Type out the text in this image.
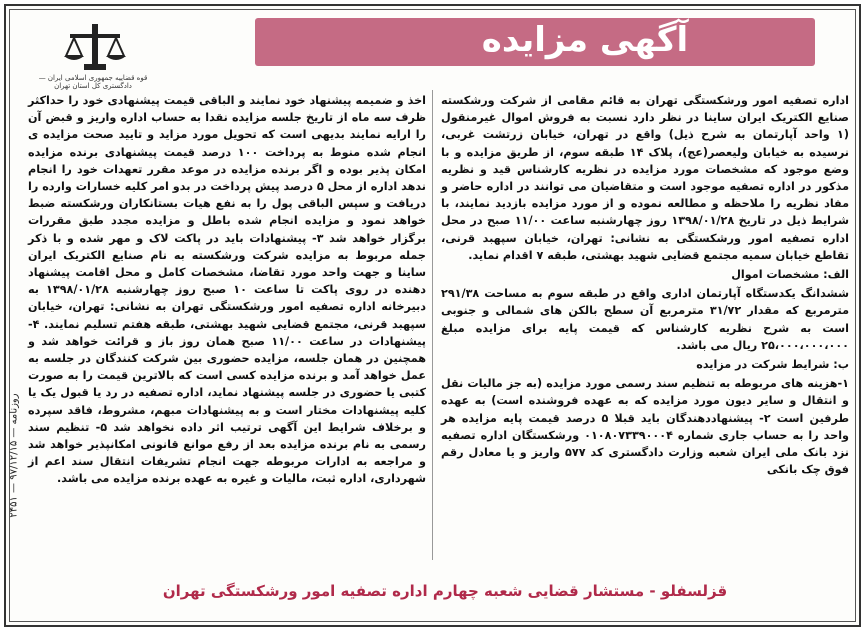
آگهی مزایده
قوه قضاییه جمهوری اسلامی ایران — دادگستری کل استان تهران

اداره تصفیه امور ورشکستگی تهران به قائم مقامی از شرکت ورشکسته صنایع الکتریک ایران ساینا در نظر دارد نسبت به فروش اموال غیرمنقول (۱ واحد آپارتمان به شرح ذیل) واقع در تهران، خیابان زرتشت غربی، نرسیده به خیابان ولیعصر(عج)، پلاک ۱۴ طبقه سوم، از طریق مزایده و با وضع موجود که مشخصات مورد مزایده در نظریه کارشناس قید و نظریه مذکور در اداره تصفیه موجود است و متقاضیان می توانند در اداره حاضر و مفاد نظریه را ملاحظه و مطالعه نموده و از مورد مزایده بازدید نمایند، با شرایط ذیل در تاریخ ۱۳۹۸/۰۱/۲۸ روز چهارشنبه ساعت ۱۱/۰۰ صبح در محل اداره تصفیه امور ورشکستگی به نشانی: تهران، خیابان سپهبد قرنی، تقاطع خیابان سمیه مجتمع قضایی شهید بهشتی، طبقه ۷ اقدام نماید.

الف: مشخصات اموال

ششدانگ یکدستگاه آپارتمان اداری واقع در طبقه سوم به مساحت ۲۹۱/۳۸ مترمربع که مقدار ۳۱/۷۲ مترمربع آن سطح بالکن های شمالی و جنوبی است به شرح نظریه کارشناس که قیمت پایه برای مزایده مبلغ ۲۵،۰۰۰،۰۰۰،۰۰۰ ریال می باشد.

ب: شرایط شرکت در مزایده

۱-هزینه های مربوطه به تنظیم سند رسمی مورد مزایده (به جز مالیات نقل و انتقال و سایر دیون مورد مزایده که به عهده فروشنده است) به عهده طرفین است ۲- پیشنهاددهندگان باید قبلا ۵ درصد قیمت پایه مزایده هر واحد را به حساب جاری شماره ۰۱۰۸۰۷۳۳۹۰۰۰۴ ورشکستگان اداره تصفیه نزد بانک ملی ایران شعبه وزارت دادگستری کد ۵۷۷ واریز و یا معادل رقم فوق چک بانکی

اخذ و ضمیمه پیشنهاد خود نمایند و الباقی قیمت پیشنهادی خود را حداکثر ظرف سه ماه از تاریخ جلسه مزایده نقدا به حساب اداره واریز و قبض آن را ارایه نمایند بدیهی است که تحویل مورد مزاید و تایید صحت مزایده ی انجام شده منوط به پرداخت ۱۰۰ درصد قیمت پیشنهادی برنده مزایده امکان پذیر بوده و اگر برنده مزایده در موعد مقرر تعهدات خود را انجام ندهد اداره از محل ۵ درصد پیش پرداخت در بدو امر کلیه خسارات وارده را دریافت و سپس الباقی پول را به نفع هیات بستانکاران ورشکسته ضبط خواهد نمود و مزایده انجام شده باطل و مزایده مجدد طبق مقررات برگزار خواهد شد ۳- پیشنهادات باید در پاکت لاک و مهر شده و با ذکر جمله مربوط به مزایده شرکت ورشکسته به نام صنایع الکتریک ایران ساینا و جهت واحد مورد تقاضا، مشخصات کامل و محل اقامت پیشنهاد دهنده در روی پاکت تا ساعت ۱۰ صبح روز چهارشنبه ۱۳۹۸/۰۱/۲۸ به دبیرخانه اداره تصفیه امور ورشکستگی تهران به نشانی: تهران، خیابان سپهبد قرنی، مجتمع قضایی شهید بهشتی، طبقه هفتم تسلیم نمایند. ۴- پیشنهادات در ساعت ۱۱/۰۰ صبح همان روز باز و قرائت خواهد شد و همچنین در همان جلسه، مزایده حضوری بین شرکت کنندگان در جلسه به عمل خواهد آمد و برنده مزایده کسی است که بالاترین قیمت را به صورت کتبی یا حضوری در جلسه پیشنهاد نماید، اداره تصفیه در رد یا قبول یک یا کلیه پیشنهادات مختار است و به پیشنهادات مبهم، مشروط، فاقد سپرده و برخلاف شرایط این آگهی ترتیب اثر داده نخواهد شد ۵- تنظیم سند رسمی به نام برنده مزایده بعد از رفع موانع قانونی امکانپذیر خواهد شد و مراجعه به ادارات مربوطه جهت انجام تشریفات انتقال سند اعم از شهرداری، اداره ثبت، مالیات و غیره به عهده برنده مزایده می باشد.

قزلسفلو - مستشار قضایی شعبه چهارم اداره تصفیه امور ورشکستگی تهران
روزنامه — ۹۷/۱۲/۱۵ — ۲۴۵۱
